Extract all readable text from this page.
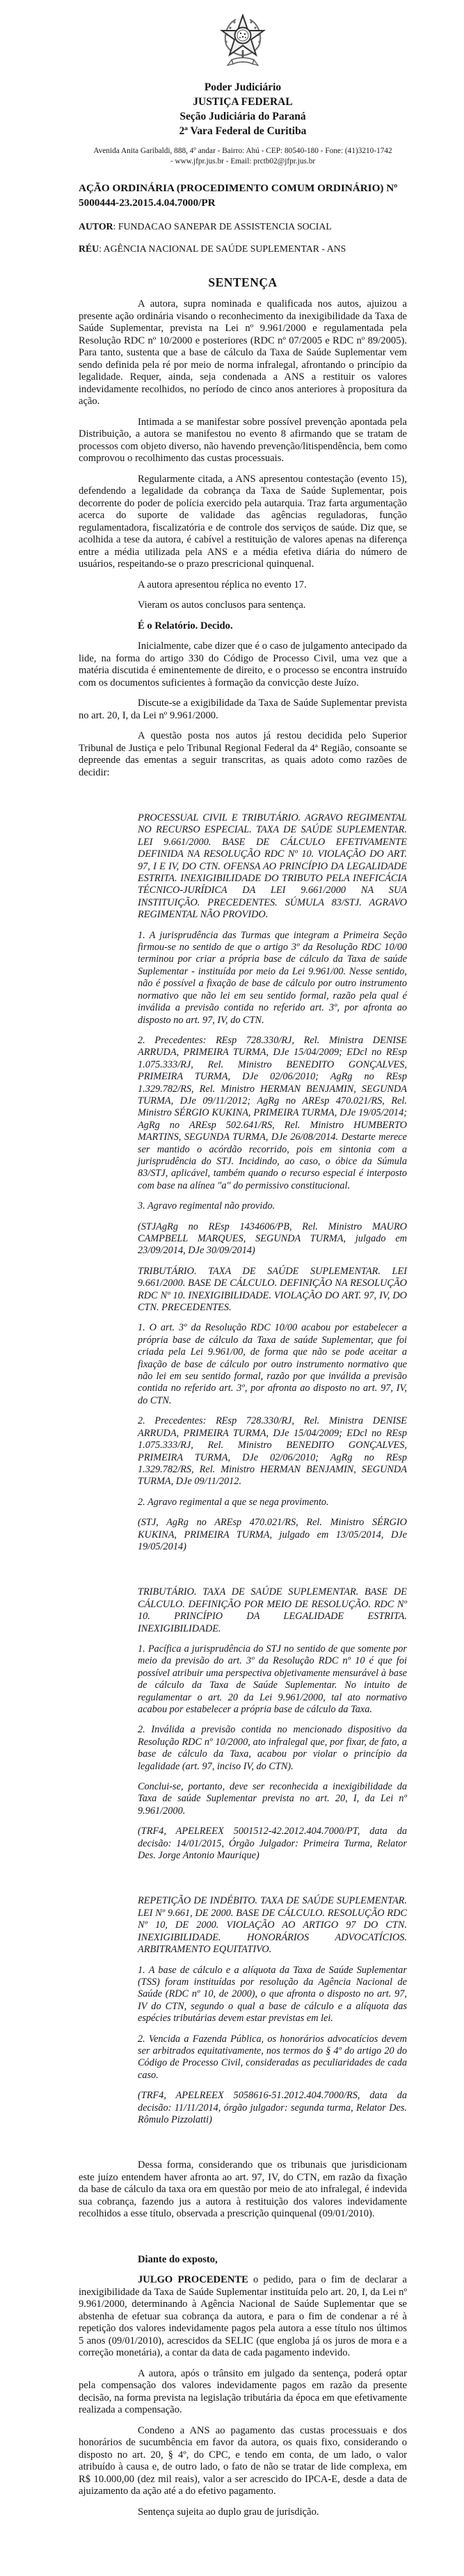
Poder Judiciário
JUSTIÇA FEDERAL
Seção Judiciária do Paraná
2ª Vara Federal de Curitiba
Avenida Anita Garibaldi, 888, 4º andar - Bairro: Ahú - CEP: 80540-180 - Fone: (41)3210-1742
- www.jfpr.jus.br - Email: prctb02@jfpr.jus.br
AÇÃO ORDINÁRIA (PROCEDIMENTO COMUM ORDINÁRIO) Nº 5000444-23.2015.4.04.7000/PR

AUTOR: FUNDACAO SANEPAR DE ASSISTENCIA SOCIAL

RÉU: AGÊNCIA NACIONAL DE SAÚDE SUPLEMENTAR - ANS

SENTENÇA

A autora, supra nominada e qualificada nos autos, ajuizou a presente ação ordinária visando o reconhecimento da inexigibilidade da Taxa de Saúde Suplementar, prevista na Lei nº 9.961/2000 e regulamentada pela Resolução RDC nº 10/2000 e posteriores (RDC nº 07/2005 e RDC nº 89/2005). Para tanto, sustenta que a base de cálculo da Taxa de Saúde Suplementar vem sendo definida pela ré por meio de norma infralegal, afrontando o princípio da legalidade. Requer, ainda, seja condenada a ANS a restituir os valores indevidamente recolhidos, no período de cinco anos anteriores à propositura da ação.

Intimada a se manifestar sobre possível prevenção apontada pela Distribuição, a autora se manifestou no evento 8 afirmando que se tratam de processos com objeto diverso, não havendo prevenção/litispendência, bem como comprovou o recolhimento das custas processuais.

Regularmente citada, a ANS apresentou contestação (evento 15), defendendo a legalidade da cobrança da Taxa de Saúde Suplementar, pois decorrente do poder de polícia exercido pela autarquia. Traz farta argumentação acerca do suporte de validade das agências reguladoras, função regulamentadora, fiscalizatória e de controle dos serviços de saúde. Diz que, se acolhida a tese da autora, é cabível a restituição de valores apenas na diferença entre a média utilizada pela ANS e a média efetiva diária do número de usuários, respeitando-se o prazo prescricional quinquenal.

A autora apresentou réplica no evento 17.

Vieram os autos conclusos para sentença.

É o Relatório. Decido.

Inicialmente, cabe dizer que é o caso de julgamento antecipado da lide, na forma do artigo 330 do Código de Processo Civil, uma vez que a matéria discutida é eminentemente de direito, e o processo se encontra instruído com os documentos suficientes à formação da convicção deste Juízo.

Discute-se a exigibilidade da Taxa de Saúde Suplementar prevista no art. 20, I, da Lei nº 9.961/2000.

A questão posta nos autos já restou decidida pelo Superior Tribunal de Justiça e pelo Tribunal Regional Federal da 4ª Região, consoante se depreende das ementas a seguir transcritas, as quais adoto como razões de decidir:

PROCESSUAL CIVIL E TRIBUTÁRIO. AGRAVO REGIMENTAL NO RECURSO ESPECIAL. TAXA DE SAÚDE SUPLEMENTAR. LEI 9.661/2000. BASE DE CÁLCULO EFETIVAMENTE DEFINIDA NA RESOLUÇÃO RDC Nº 10. VIOLAÇÃO DO ART. 97, I E IV, DO CTN. OFENSA AO PRINCÍPIO DA LEGALIDADE ESTRITA. INEXIGIBILIDADE DO TRIBUTO PELA INEFICÁCIA TÉCNICO-JURÍDICA DA LEI 9.661/2000 NA SUA INSTITUIÇÃO. PRECEDENTES. SÚMULA 83/STJ. AGRAVO REGIMENTAL NÃO PROVIDO.

1. A jurisprudência das Turmas que integram a Primeira Seção firmou-se no sentido de que o artigo 3º da Resolução RDC 10/00 terminou por criar a própria base de cálculo da Taxa de saúde Suplementar - instituída por meio da Lei 9.961/00. Nesse sentido, não é possível a fixação de base de cálculo por outro instrumento normativo que não lei em seu sentido formal, razão pela qual é inválida a previsão contida no referido art. 3º, por afronta ao disposto no art. 97, IV, do CTN.

2. Precedentes: REsp 728.330/RJ, Rel. Ministra DENISE ARRUDA, PRIMEIRA TURMA, DJe 15/04/2009; EDcl no REsp 1.075.333/RJ, Rel. Ministro BENEDITO GONÇALVES, PRIMEIRA TURMA, DJe 02/06/2010; AgRg no REsp 1.329.782/RS, Rel. Ministro HERMAN BENJAMIN, SEGUNDA TURMA, DJe 09/11/2012; AgRg no AREsp 470.021/RS, Rel. Ministro SÉRGIO KUKINA, PRIMEIRA TURMA, DJe 19/05/2014; AgRg no AREsp 502.641/RS, Rel. Ministro HUMBERTO MARTINS, SEGUNDA TURMA, DJe 26/08/2014. Destarte merece ser mantido o acórdão recorrido, pois em sintonia com a jurisprudência do STJ. Incidindo, ao caso, o óbice da Súmula 83/STJ, aplicável, também quando o recurso especial é interposto com base na alínea "a" do permissivo constitucional.

3. Agravo regimental não provido.

(STJAgRg no REsp 1434606/PB, Rel. Ministro MAURO CAMPBELL MARQUES, SEGUNDA TURMA, julgado em 23/09/2014, DJe 30/09/2014)

TRIBUTÁRIO. TAXA DE SAÚDE SUPLEMENTAR. LEI 9.661/2000. BASE DE CÁLCULO. DEFINIÇÃO NA RESOLUÇÃO RDC Nº 10. INEXIGIBILIDADE. VIOLAÇÃO DO ART. 97, IV, DO CTN. PRECEDENTES.

1. O art. 3º da Resolução RDC 10/00 acabou por estabelecer a própria base de cálculo da Taxa de saúde Suplementar, que foi criada pela Lei 9.961/00, de forma que não se pode aceitar a fixação de base de cálculo por outro instrumento normativo que não lei em seu sentido formal, razão por que inválida a previsão contida no referido art. 3º, por afronta ao disposto no art. 97, IV, do CTN.

2. Precedentes: REsp 728.330/RJ, Rel. Ministra DENISE ARRUDA, PRIMEIRA TURMA, DJe 15/04/2009; EDcl no REsp 1.075.333/RJ, Rel. Ministro BENEDITO GONÇALVES, PRIMEIRA TURMA, DJe 02/06/2010; AgRg no REsp 1.329.782/RS, Rel. Ministro HERMAN BENJAMIN, SEGUNDA TURMA, DJe 09/11/2012.

2. Agravo regimental a que se nega provimento.

(STJ, AgRg no AREsp 470.021/RS, Rel. Ministro SÉRGIO KUKINA, PRIMEIRA TURMA, julgado em 13/05/2014, DJe 19/05/2014)

TRIBUTÁRIO. TAXA DE SAÚDE SUPLEMENTAR. BASE DE CÁLCULO. DEFINIÇÃO POR MEIO DE RESOLUÇÃO. RDC Nº 10. PRINCÍPIO DA LEGALIDADE ESTRITA. INEXIGIBILIDADE.

1. Pacífica a jurisprudência do STJ no sentido de que somente por meio da previsão do art. 3º da Resolução RDC nº 10 é que foi possível atribuir uma perspectiva objetivamente mensurável à base de cálculo da Taxa de Saúde Suplementar. No intuito de regulamentar o art. 20 da Lei 9.961/2000, tal ato normativo acabou por estabelecer a própria base de cálculo da Taxa.

2. Inválida a previsão contida no mencionado dispositivo da Resolução RDC nº 10/2000, ato infralegal que, por fixar, de fato, a base de cálculo da Taxa, acabou por violar o princípio da legalidade (art. 97, inciso IV, do CTN).

Conclui-se, portanto, deve ser reconhecida a inexigibilidade da Taxa de saúde Suplementar prevista no art. 20, I, da Lei nº 9.961/2000.

(TRF4, APELREEX 5001512-42.2012.404.7000/PT, data da decisão: 14/01/2015, Órgão Julgador: Primeira Turma, Relator Des. Jorge Antonio Maurique)

REPETIÇÃO DE INDÉBITO. TAXA DE SAÚDE SUPLEMENTAR. LEI Nº 9.661, DE 2000. BASE DE CÁLCULO. RESOLUÇÃO RDC Nº 10, DE 2000. VIOLAÇÃO AO ARTIGO 97 DO CTN. INEXIGIBILIDADE. HONORÁRIOS ADVOCATÍCIOS. ARBITRAMENTO EQUITATIVO.

1. A base de cálculo e a alíquota da Taxa de Saúde Suplementar (TSS) foram instituídas por resolução da Agência Nacional de Saúde (RDC nº 10, de 2000), o que afronta o disposto no art. 97, IV do CTN, segundo o qual a base de cálculo e a alíquota das espécies tributárias devem estar previstas em lei.

2. Vencida a Fazenda Pública, os honorários advocatícios devem ser arbitrados equitativamente, nos termos do § 4º do artigo 20 do Código de Processo Civil, consideradas as peculiaridades de cada caso.

(TRF4, APELREEX 5058616-51.2012.404.7000/RS, data da decisão: 11/11/2014, órgão julgador: segunda turma, Relator Des. Rômulo Pizzolatti)

Dessa forma, considerando que os tribunais que jurisdicionam este juízo entendem haver afronta ao art. 97, IV, do CTN, em razão da fixação da base de cálculo da taxa ora em questão por meio de ato infralegal, é indevida sua cobrança, fazendo jus a autora à restituição dos valores indevidamente recolhidos a esse título, observada a prescrição quinquenal (09/01/2010).

Diante do exposto,

JULGO PROCEDENTE o pedido, para o fim de declarar a inexigibilidade da Taxa de Saúde Suplementar instituída pelo art. 20, I, da Lei nº 9.961/2000, determinando à Agência Nacional de Saúde Suplementar que se abstenha de efetuar sua cobrança da autora, e para o fim de condenar a ré à repetição dos valores indevidamente pagos pela autora a esse título nos últimos 5 anos (09/01/2010), acrescidos da SELIC (que engloba já os juros de mora e a correção monetária), a contar da data de cada pagamento indevido.

A autora, após o trânsito em julgado da sentença, poderá optar pela compensação dos valores indevidamente pagos em razão da presente decisão, na forma prevista na legislação tributária da época em que efetivamente realizada a compensação.

Condeno a ANS ao pagamento das custas processuais e dos honorários de sucumbência em favor da autora, os quais fixo, considerando o disposto no art. 20, § 4º, do CPC, e tendo em conta, de um lado, o valor atribuído à causa e, de outro lado, o fato de não se tratar de lide complexa, em R$ 10.000,00 (dez mil reais), valor a ser acrescido do IPCA-E, desde a data de ajuizamento da ação até a do efetivo pagamento.

Sentença sujeita ao duplo grau de jurisdição.
